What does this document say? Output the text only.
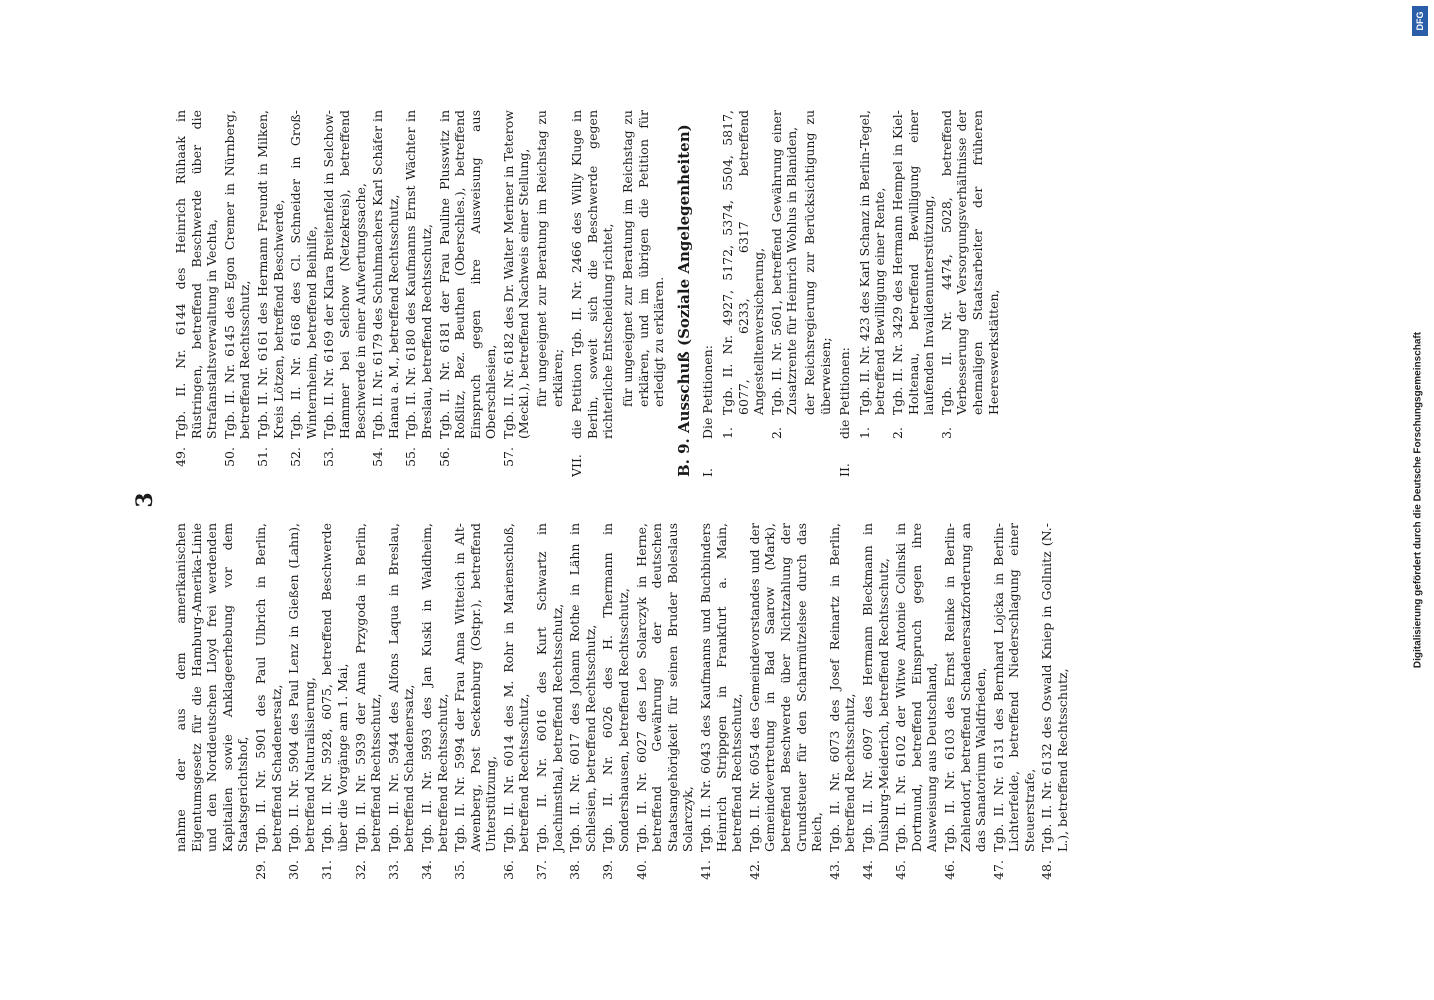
3
nahme der aus dem amerikanischen Eigentumsgesetz für die Hamburg-Amerika-Linie und den Norddeutschen Lloyd frei werdenden Kapitalien sowie Anklageerhebung vor dem Staatsgerichtshof,
29.
Tgb. II. Nr. 5901 des Paul Ulbrich in Berlin, betreffend Schadenersatz,
30.
Tgb. II. Nr. 5904 des Paul Lenz in Gießen (Lahn), betreffend Naturalisierung,
31.
Tgb. II. Nr. 5928, 6075, betreffend Beschwerde über die Vorgänge am 1. Mai,
32.
Tgb. II. Nr. 5939 der Anna Przygoda in Berlin, betreffend Rechtsschutz,
33.
Tgb. II. Nr. 5944 des Alfons Laqua in Breslau, betreffend Schadenersatz,
34.
Tgb. II. Nr. 5993 des Jan Kuski in Waldheim, betreffend Rechtsschutz,
35.
Tgb. II. Nr. 5994 der Frau Anna Witteich in Alt-Awenberg, Post Seckenburg (Ostpr.), betreffend Unterstützung,
36.
Tgb. II. Nr. 6014 des M. Rohr in Marienschloß, betreffend Rechtsschutz,
37.
Tgb. II. Nr. 6016 des Kurt Schwartz in Joachimsthal, betreffend Rechtsschutz,
38.
Tgb. II. Nr. 6017 des Johann Rothe in Lähn in Schlesien, betreffend Rechtsschutz,
39.
Tgb. II. Nr. 6026 des H. Thermann in Sondershausen, betreffend Rechtsschutz,
40.
Tgb. II. Nr. 6027 des Leo Solarczyk in Herne, betreffend Gewährung der deutschen Staatsangehörigkeit für seinen Bruder Boleslaus Solarczyk,
41.
Tgb. II. Nr. 6043 des Kaufmanns und Buchbinders Heinrich Strippgen in Frankfurt a. Main, betreffend Rechtsschutz,
42.
Tgb. II. Nr. 6054 des Gemeindevorstandes und der Gemeindevertretung in Bad Saarow (Mark), betreffend Beschwerde über Nichtzahlung der Grundsteuer für den Scharmützelsee durch das Reich,
43.
Tgb. II. Nr. 6073 des Josef Reinartz in Berlin, betreffend Rechtsschutz,
44.
Tgb. II. Nr. 6097 des Hermann Bleckmann in Duisburg-Meiderich, betreffend Rechtsschutz,
45.
Tgb. II. Nr. 6102 der Witwe Antonie Colinski in Dortmund, betreffend Einspruch gegen ihre Ausweisung aus Deutschland,
46.
Tgb. II. Nr. 6103 des Ernst Reinke in Berlin-Zehlendorf, betreffend Schadenersatzforderung an das Sanatorium Waldfrieden,
47.
Tgb. II. Nr. 6131 des Bernhard Lojcka in Berlin-Lichterfelde, betreffend Niederschlagung einer Steuerstrafe,
48.
Tgb. II. Nr. 6132 des Oswald Kniep in Gollnitz (N.-L.), betreffend Rechtsschutz,
49.
Tgb. II. Nr. 6144 des Heinrich Rühaak in Rüstringen, betreffend Beschwerde über die Strafanstaltsverwaltung in Vechta,
50.
Tgb. II. Nr. 6145 des Egon Cremer in Nürnberg, betreffend Rechtsschutz,
51.
Tgb. II. Nr. 6161 des Hermann Freundt in Milken, Kreis Lötzen, betreffend Beschwerde,
52.
Tgb. II. Nr. 6168 des Cl. Schneider in Groß-Winternheim, betreffend Beihilfe,
53.
Tgb. II. Nr. 6169 der Klara Breitenfeld in Selchow-Hammer bei Selchow (Netzekreis), betreffend Beschwerde in einer Aufwertungssache,
54.
Tgb. II. Nr. 6179 des Schuhmachers Karl Schäfer in Hanau a. M., betreffend Rechtsschutz,
55.
Tgb. II. Nr. 6180 des Kaufmanns Ernst Wächter in Breslau, betreffend Rechtsschutz,
56.
Tgb. II. Nr. 6181 der Frau Pauline Plusswitz in Roßlitz, Bez. Beuthen (Oberschles.), betreffend Einspruch gegen ihre Ausweisung aus Oberschlesien,
57.
Tgb. II. Nr. 6182 des Dr. Walter Meriner in Teterow (Meckl.), betreffend Nachweis einer Stellung, für ungeeignet zur Beratung im Reichstag zu erklären;
VII.
die Petition Tgb. II. Nr. 2466 des Willy Kluge in Berlin, soweit sich die Beschwerde gegen richterliche Entscheidung richtet, für ungeeignet zur Beratung im Reichstag zu erklären, und im übrigen die Petition für erledigt zu erklären. B. 9. Ausschuß (Soziale Angelegenheiten) I.
Die Petitionen: 1.
Tgb. II. Nr. 4927, 5172, 5374, 5504, 5817, 6077, 6233, 6317 betreffend Angestelltenversicherung,
2.
Tgb. II. Nr. 5601, betreffend Gewährung einer Zusatzrente für Heinrich Wohlus in Blaniden, der Reichsregierung zur Berücksichtigung zu überweisen;
II.
die Petitionen: 1.
Tgb. II. Nr. 423 des Karl Schanz in Berlin-Tegel, betreffend Bewilligung einer Rente,
2.
Tgb. II. Nr. 3429 des Hermann Hempel in Kiel-Holtenau, betreffend Bewilligung einer laufenden Invalidenunterstützung,
3.
Tgb. II. Nr. 4474, 5028, betreffend Verbesserung der Versorgungsverhältnisse der ehemaligen Staatsarbeiter der früheren Heereswerkstätten,	Digitalisierung gefördert durch die Deutsche Forschungsgemeinschaft
DFG
